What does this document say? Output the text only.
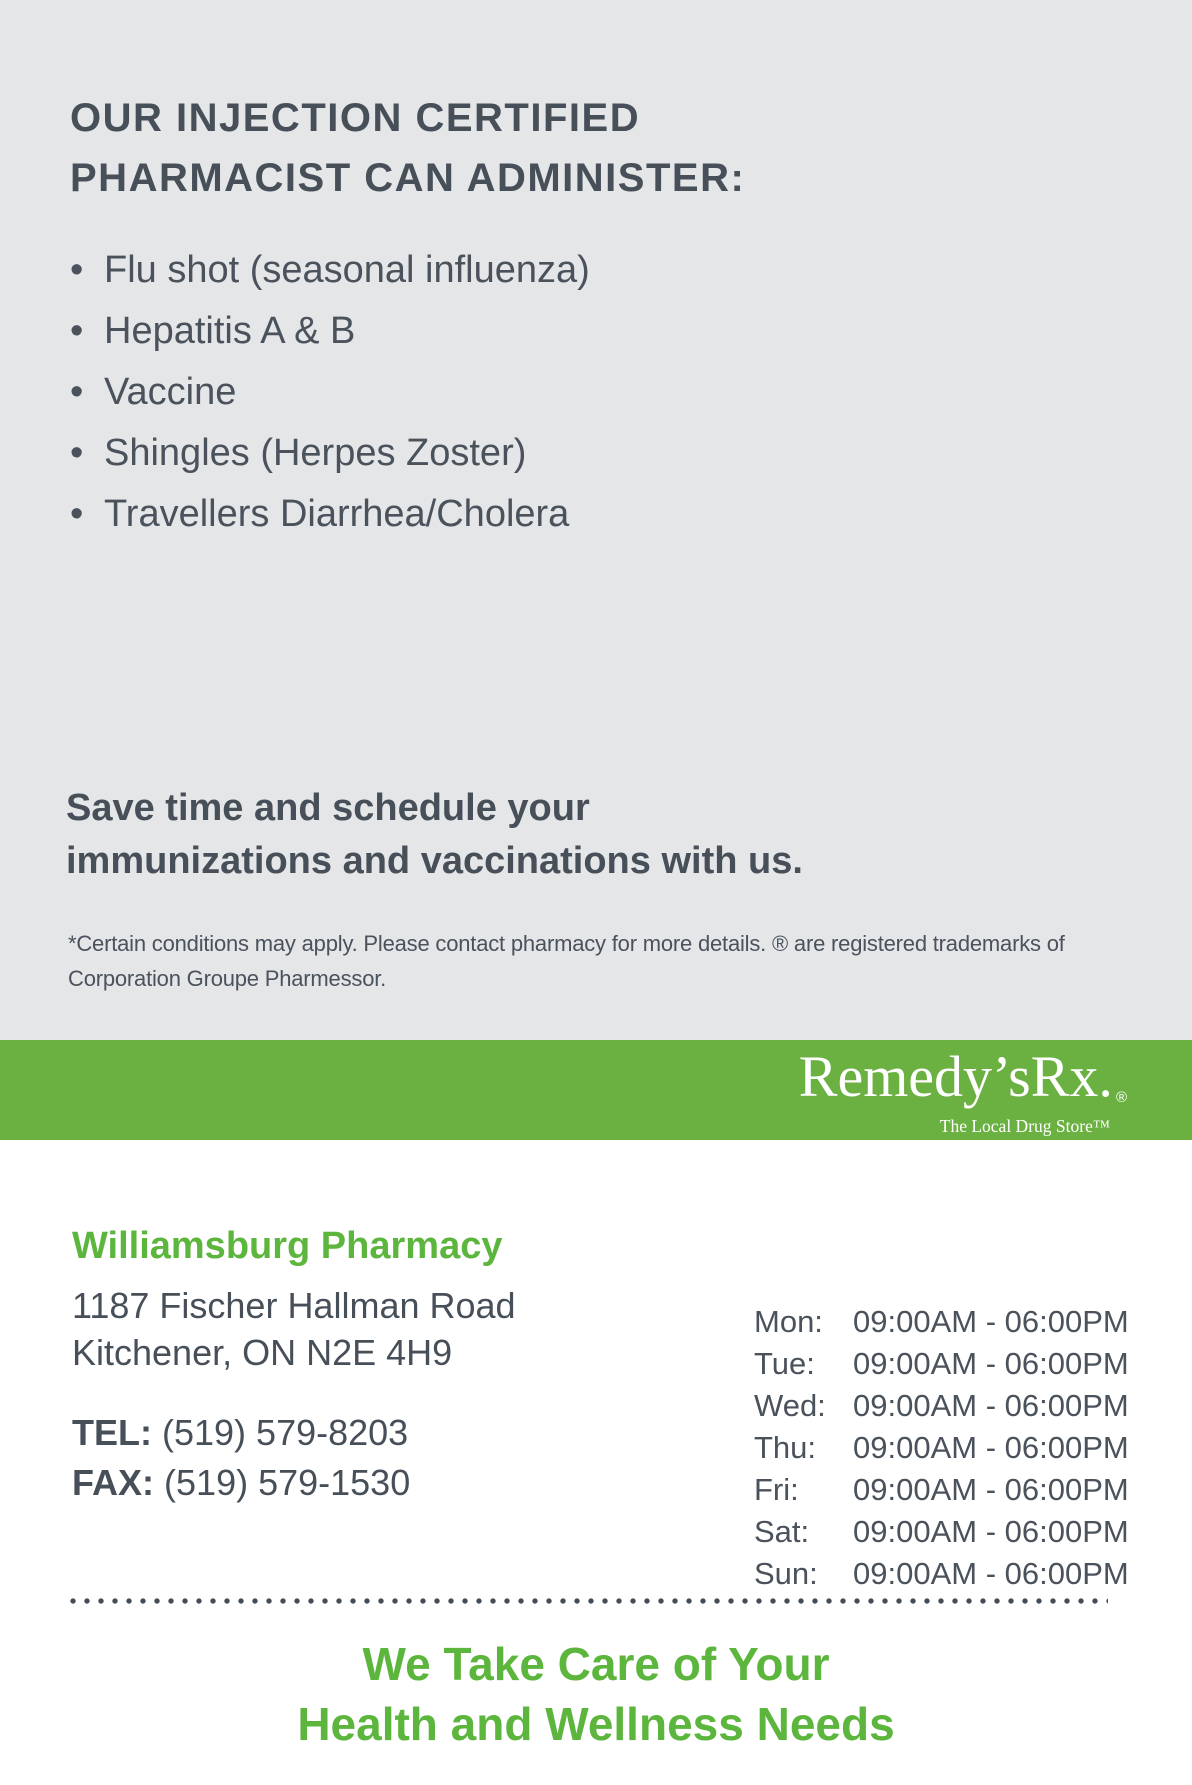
OUR INJECTION CERTIFIED
PHARMACIST CAN ADMINISTER:
• Flu shot (seasonal influenza)
• Hepatitis A & B
• Vaccine
• Shingles (Herpes Zoster)
• Travellers Diarrhea/Cholera

Save time and schedule your
immunizations and vaccinations with us.

*Certain conditions may apply. Please contact pharmacy for more details. ® are registered trademarks of
Corporation Groupe Pharmessor.

Remedy’sRx. ®
The Local Drug Store™
Williamsburg Pharmacy

1187 Fischer Hallman Road
Kitchener, ON N2E 4H9

TEL: (519) 579-8203
FAX: (519) 579-1530

Mon: 09:00AM - 06:00PM
Tue: 09:00AM - 06:00PM
Wed: 09:00AM - 06:00PM
Thu: 09:00AM - 06:00PM
Fri: 09:00AM - 06:00PM
Sat: 09:00AM - 06:00PM
Sun: 09:00AM - 06:00PM

We Take Care of Your
Health and Wellness Needs
